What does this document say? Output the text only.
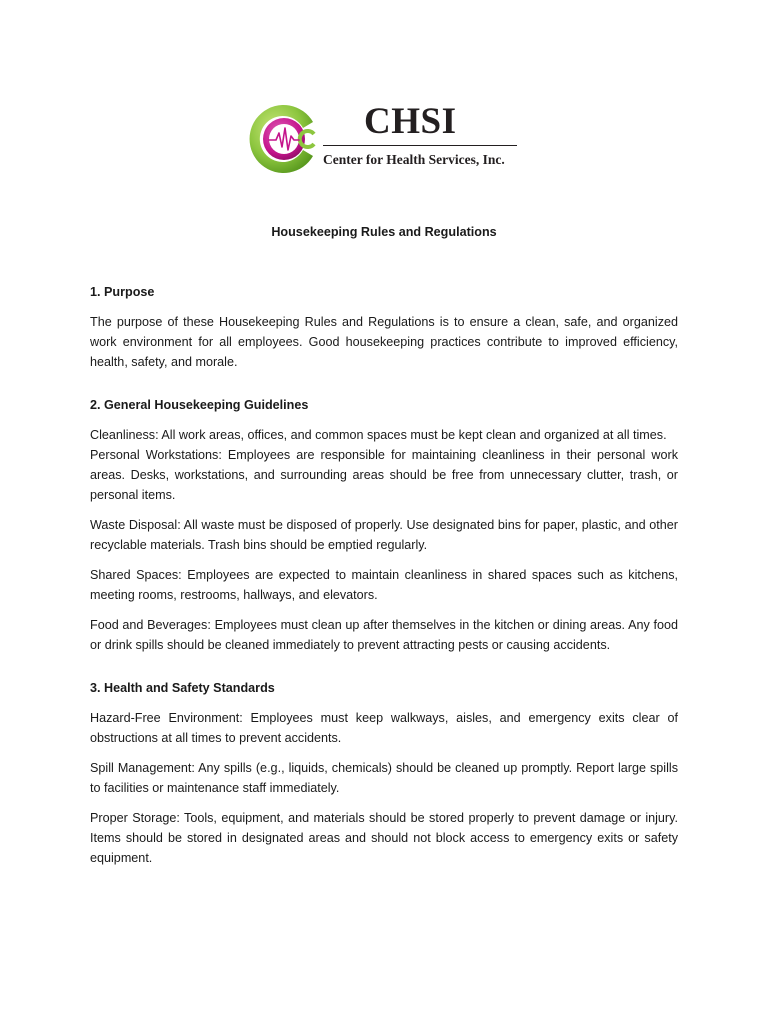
CHSI
Center for Health Services, Inc.
Housekeeping Rules and Regulations

1. Purpose

The purpose of these Housekeeping Rules and Regulations is to ensure a clean, safe, and organized work environment for all employees. Good housekeeping practices contribute to improved efficiency, health, safety, and morale.

2. General Housekeeping Guidelines

Cleanliness: All work areas, offices, and common spaces must be kept clean and organized at all times.

Personal Workstations: Employees are responsible for maintaining cleanliness in their personal work areas. Desks, workstations, and surrounding areas should be free from unnecessary clutter, trash, or personal items.

Waste Disposal: All waste must be disposed of properly. Use designated bins for paper, plastic, and other recyclable materials. Trash bins should be emptied regularly.

Shared Spaces: Employees are expected to maintain cleanliness in shared spaces such as kitchens, meeting rooms, restrooms, hallways, and elevators.

Food and Beverages: Employees must clean up after themselves in the kitchen or dining areas. Any food or drink spills should be cleaned immediately to prevent attracting pests or causing accidents.

3. Health and Safety Standards

Hazard-Free Environment: Employees must keep walkways, aisles, and emergency exits clear of obstructions at all times to prevent accidents.

Spill Management: Any spills (e.g., liquids, chemicals) should be cleaned up promptly. Report large spills to facilities or maintenance staff immediately.

Proper Storage: Tools, equipment, and materials should be stored properly to prevent damage or injury. Items should be stored in designated areas and should not block access to emergency exits or safety equipment.
